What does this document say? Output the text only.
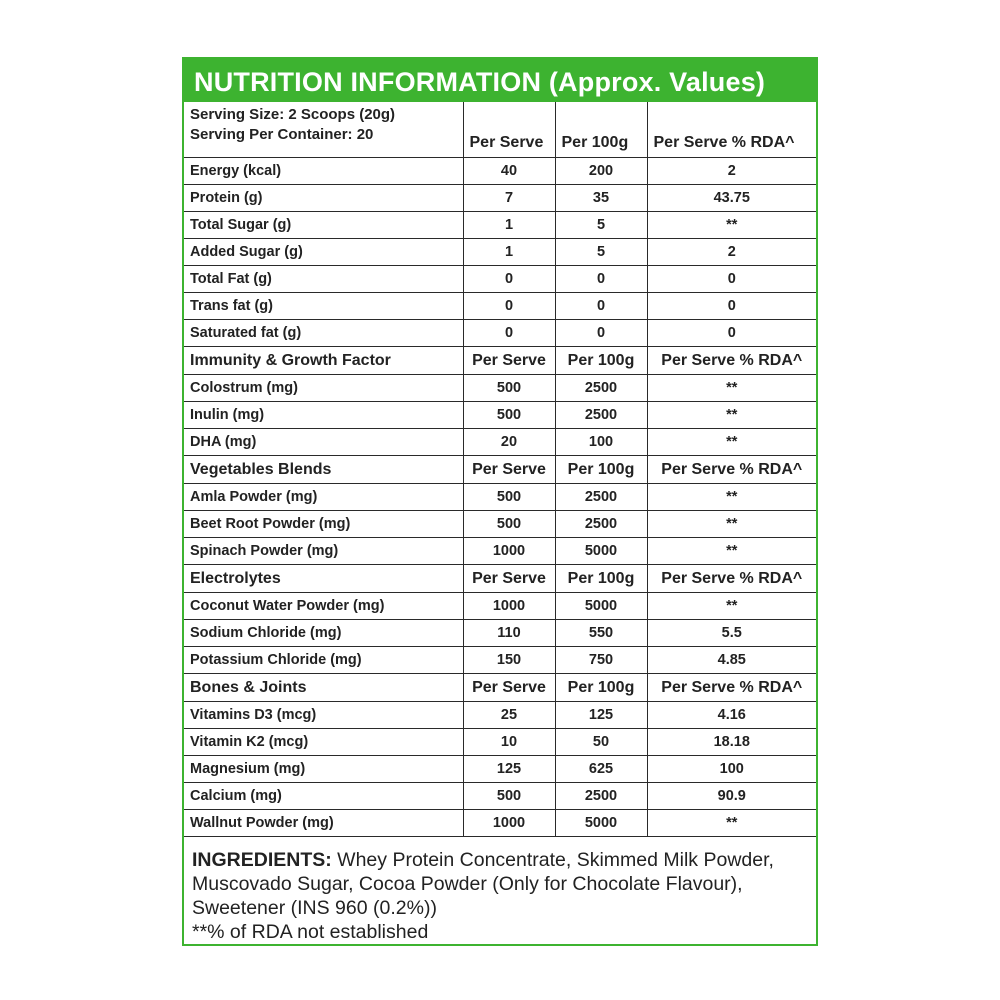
NUTRITION INFORMATION (Approx. Values)
Serving Size: 2 Scoops (20g)
Serving Per Container: 20	Per Serve	Per 100g	Per Serve % RDA^
Energy (kcal)	40	200	2
Protein (g)	7	35	43.75
Total Sugar (g)	1	5	**
Added Sugar (g)	1	5	2
Total Fat (g)	0	0	0
Trans fat (g)	0	0	0
Saturated fat (g)	0	0	0
Immunity & Growth Factor	Per Serve	Per 100g	Per Serve % RDA^
Colostrum (mg)	500	2500	**
Inulin (mg)	500	2500	**
DHA (mg)	20	100	**
Vegetables Blends	Per Serve	Per 100g	Per Serve % RDA^
Amla Powder (mg)	500	2500	**
Beet Root Powder (mg)	500	2500	**
Spinach Powder (mg)	1000	5000	**
Electrolytes	Per Serve	Per 100g	Per Serve % RDA^
Coconut Water Powder (mg)	1000	5000	**
Sodium Chloride (mg)	110	550	5.5
Potassium Chloride (mg)	150	750	4.85
Bones & Joints	Per Serve	Per 100g	Per Serve % RDA^
Vitamins D3 (mcg)	25	125	4.16
Vitamin K2 (mcg)	10	50	18.18
Magnesium (mg)	125	625	100
Calcium (mg)	500	2500	90.9
Wallnut Powder (mg)	1000	5000	**
INGREDIENTS: Whey Protein Concentrate, Skimmed Milk Powder, Muscovado Sugar, Cocoa Powder (Only for Chocolate Flavour), Sweetener (INS 960 (0.2%))
**% of RDA not established
